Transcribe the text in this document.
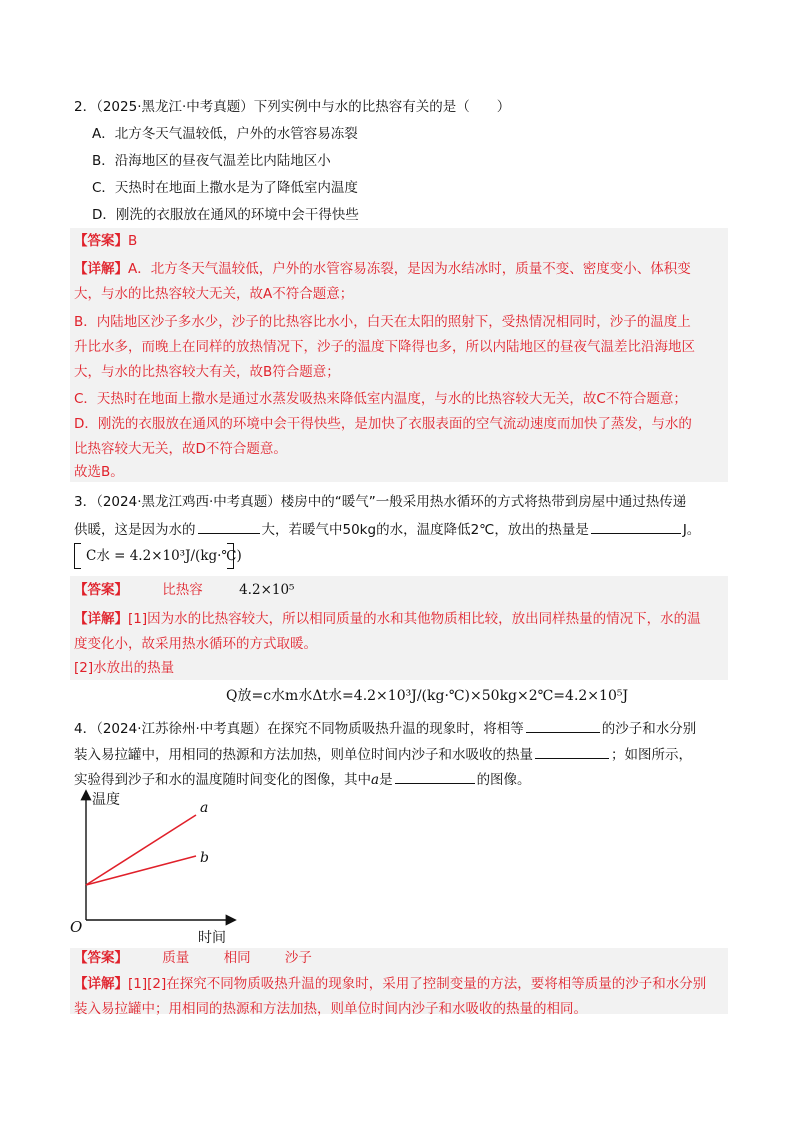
2．（2025·黑龙江·中考真题）下列实例中与水的比热容有关的是（　　）
A．北方冬天气温较低，户外的水管容易冻裂
B．沿海地区的昼夜气温差比内陆地区小
C．天热时在地面上撒水是为了降低室内温度
D．刚洗的衣服放在通风的环境中会干得快些
【答案】B
【详解】A．北方冬天气温较低，户外的水管容易冻裂，是因为水结冰时，质量不变、密度变小、体积变
大，与水的比热容较大无关，故A不符合题意；
B．内陆地区沙子多水少，沙子的比热容比水小，白天在太阳的照射下，受热情况相同时，沙子的温度上
升比水多，而晚上在同样的放热情况下，沙子的温度下降得也多，所以内陆地区的昼夜气温差比沿海地区
大，与水的比热容较大有关，故B符合题意；
C．天热时在地面上撒水是通过水蒸发吸热来降低室内温度，与水的比热容较大无关，故C不符合题意；
D．刚洗的衣服放在通风的环境中会干得快些，是加快了衣服表面的空气流动速度而加快了蒸发，与水的
比热容较大无关，故D不符合题意。
故选B。
3．（2024·黑龙江鸡西·中考真题）楼房中的“暖气”一般采用热水循环的方式将热带到房屋中通过热传递
供暖，这是因为水的	大，若暖气中50kg的水，温度降低2℃，放出的热量是	J。
C水 = 4.2×10³J/(kg·℃)
【答案】	比热容	4.2×10⁵
【详解】[1]因为水的比热容较大，所以相同质量的水和其他物质相比较，放出同样热量的情况下，水的温
度变化小，故采用热水循环的方式取暖。
[2]水放出的热量
Q放=c水m水Δt水=4.2×10³J/(kg·℃)×50kg×2℃=4.2×10⁵J
4．（2024·江苏徐州·中考真题）在探究不同物质吸热升温的现象时，将相等	的沙子和水分别
装入易拉罐中，用相同的热源和方法加热，则单位时间内沙子和水吸收的热量	；如图所示，
实验得到沙子和水的温度随时间变化的图像，其中a是	的图像。
温度
时间
O
a
b
【答案】	质量	相同	沙子
【详解】[1][2]在探究不同物质吸热升温的现象时，采用了控制变量的方法，要将相等质量的沙子和水分别
装入易拉罐中；用相同的热源和方法加热，则单位时间内沙子和水吸收的热量的相同。
